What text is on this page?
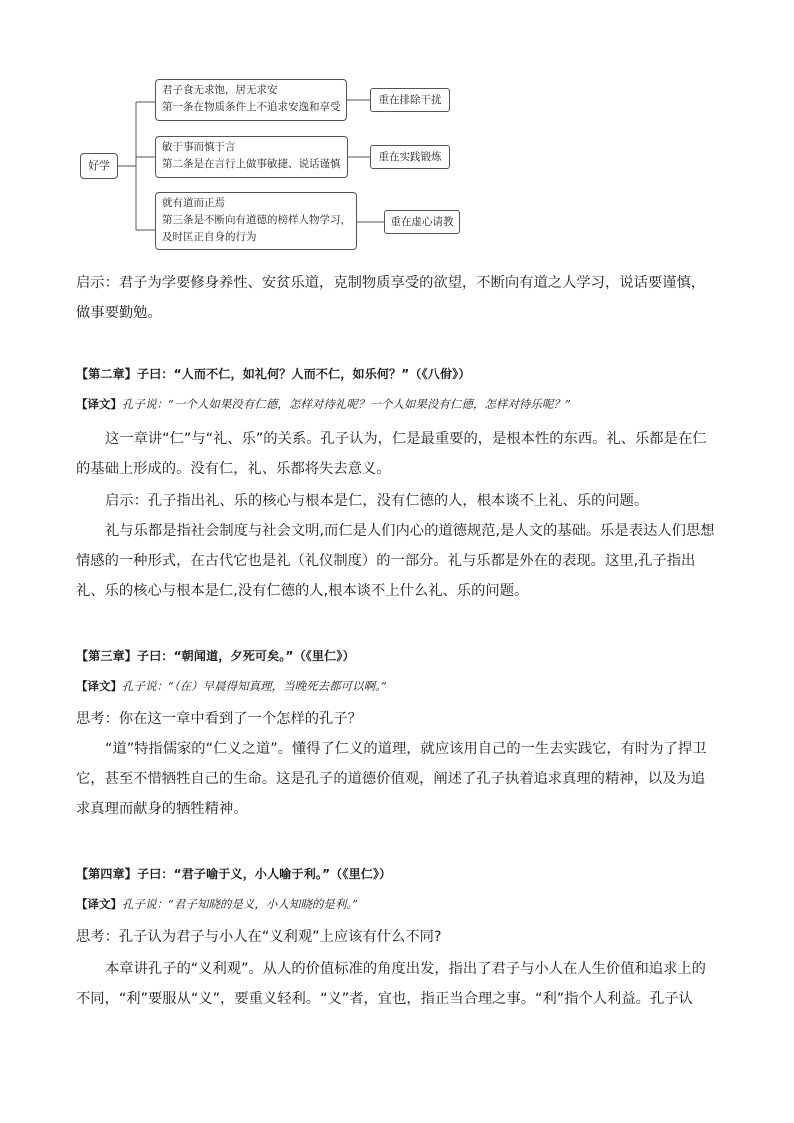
好学
君子食无求饱，居无求安
第一条在物质条件上不追求安逸和享受
重在排除干扰
敏于事而慎于言
第二条是在言行上做事敏捷、说话谨慎
重在实践锻炼
就有道而正焉
第三条是不断向有道德的榜样人物学习，
及时匡正自身的行为
重在虚心请教
启示：君子为学要修身养性、安贫乐道，克制物质享受的欲望，不断向有道之人学习，说话要谨慎，做事要勤勉。
【第二章】子曰：“人而不仁，如礼何？人而不仁，如乐何？”（《八佾》）
【译文】孔子说：“一个人如果没有仁德，怎样对待礼呢？一个人如果没有仁德，怎样对待乐呢？”
这一章讲“仁”与“礼、乐”的关系。孔子认为，仁是最重要的，是根本性的东西。礼、乐都是在仁的基础上形成的。没有仁，礼、乐都将失去意义。
启示：孔子指出礼、乐的核心与根本是仁，没有仁德的人，根本谈不上礼、乐的问题。
礼与乐都是指社会制度与社会文明,而仁是人们内心的道德规范,是人文的基础。乐是表达人们思想情感的一种形式，在古代它也是礼（礼仪制度）的一部分。礼与乐都是外在的表现。这里,孔子指出礼、乐的核心与根本是仁,没有仁德的人,根本谈不上什么礼、乐的问题。
【第三章】子曰：“朝闻道，夕死可矣。”（《里仁》）
【译文】孔子说：“（在）早晨得知真理，当晚死去都可以啊。”
思考：你在这一章中看到了一个怎样的孔子？
“道”特指儒家的“仁义之道”。懂得了仁义的道理，就应该用自己的一生去实践它，有时为了捍卫它，甚至不惜牺牲自己的生命。这是孔子的道德价值观，阐述了孔子执着追求真理的精神，以及为追求真理而献身的牺牲精神。
【第四章】子曰：“君子喻于义，小人喻于利。”（《里仁》）
【译文】孔子说：“君子知晓的是义，小人知晓的是利。”
思考：孔子认为君子与小人在“义利观”上应该有什么不同?
本章讲孔子的“义利观”。从人的价值标准的角度出发，指出了君子与小人在人生价值和追求上的不同，“利”要服从“义”，要重义轻利。“义”者，宜也，指正当合理之事。“利”指个人利益。孔子认
